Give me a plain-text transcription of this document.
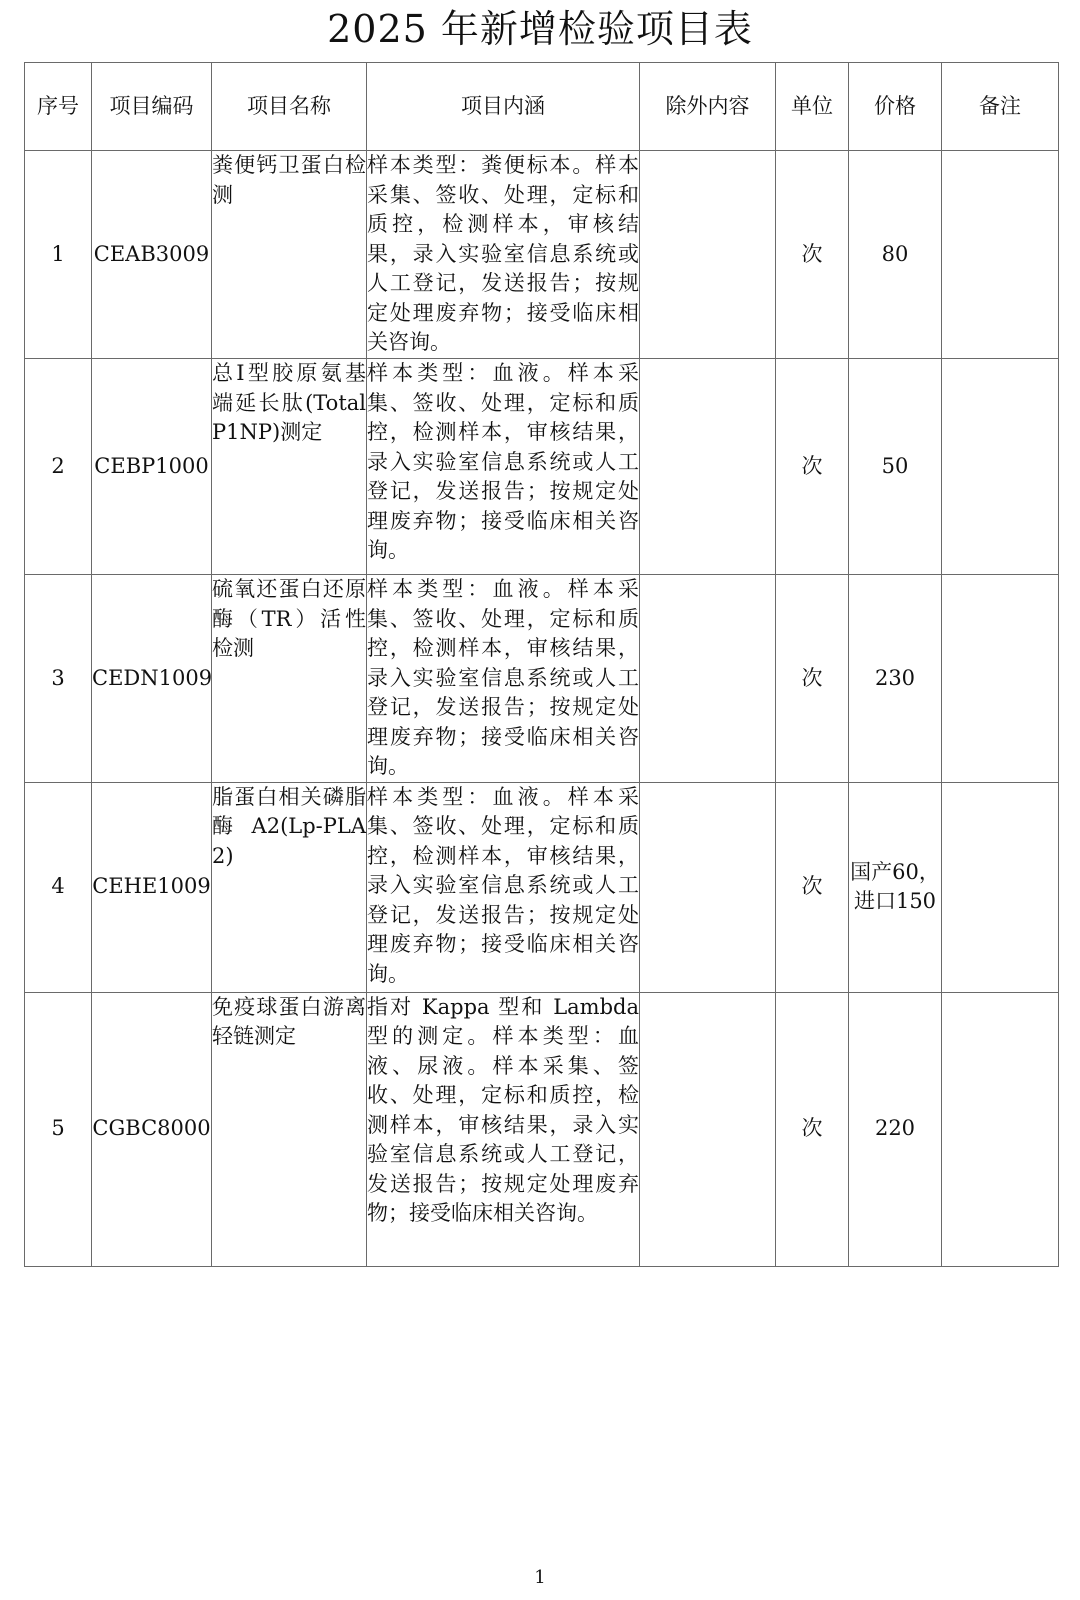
2025 年新增检验项目表
序号	项目编码	项目名称	项目内涵	除外内容	单位	价格	备注
1	CEAB3009	粪便钙卫蛋白检测	样本类型：粪便标本。样本采集、签收、处理，定标和质控，检测样本，审核结果，录入实验室信息系统或人工登记，发送报告；按规定处理废弃物；接受临床相关咨询。		次	80	
2	CEBP1000	总Ⅰ型胶原氨基端延长肽(Total P1NP)测定	样本类型：血液。样本采集、签收、处理，定标和质控，检测样本，审核结果，录入实验室信息系统或人工登记，发送报告；按规定处理废弃物；接受临床相关咨询。		次	50	
3	CEDN1009	硫氧还蛋白还原酶（TR）活性检测	样本类型：血液。样本采集、签收、处理，定标和质控，检测样本，审核结果，录入实验室信息系统或人工登记，发送报告；按规定处理废弃物；接受临床相关咨询。		次	230	
4	CEHE1009	脂蛋白相关磷脂酶 A2(Lp-PLA2)	样本类型：血液。样本采集、签收、处理，定标和质控，检测样本，审核结果，录入实验室信息系统或人工登记，发送报告；按规定处理废弃物；接受临床相关咨询。		次	国产60，进口150	
5	CGBC8000	免疫球蛋白游离轻链测定	指对 Kappa 型和 Lambda 型的测定。样本类型：血液、尿液。样本采集、签收、处理，定标和质控，检测样本，审核结果，录入实验室信息系统或人工登记，发送报告；按规定处理废弃物；接受临床相关咨询。		次	220	
1
